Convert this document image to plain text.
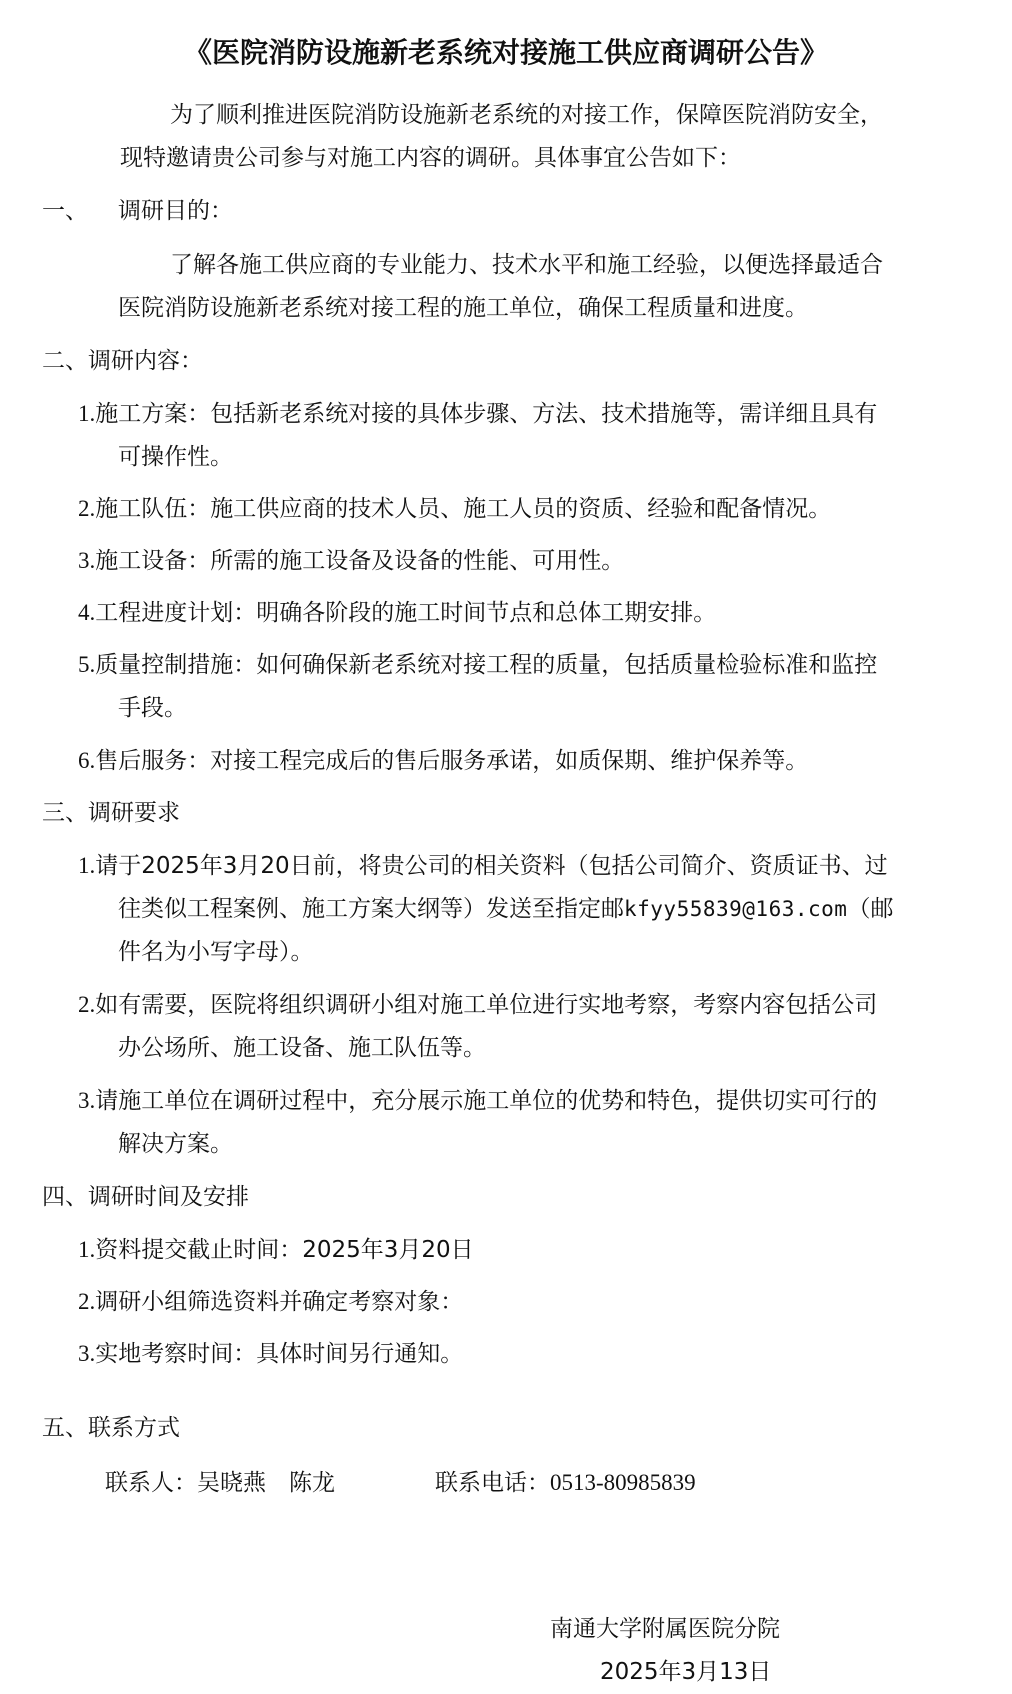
《医院消防设施新老系统对接施工供应商调研公告》
为了顺利推进医院消防设施新老系统的对接工作，保障医院消防安全，
现特邀请贵公司参与对施工内容的调研。具体事宜公告如下：
一、 调研目的：
了解各施工供应商的专业能力、技术水平和施工经验，以便选择最适合
医院消防设施新老系统对接工程的施工单位，确保工程质量和进度。
二、调研内容：
1.施工方案：包括新老系统对接的具体步骤、方法、技术措施等，需详细且具有
可操作性。
2.施工队伍：施工供应商的技术人员、施工人员的资质、经验和配备情况。
3.施工设备：所需的施工设备及设备的性能、可用性。
4.工程进度计划：明确各阶段的施工时间节点和总体工期安排。
5.质量控制措施：如何确保新老系统对接工程的质量，包括质量检验标准和监控
手段。
6.售后服务：对接工程完成后的售后服务承诺，如质保期、维护保养等。
三、调研要求
1.请于2025年3月20日前，将贵公司的相关资料（包括公司简介、资质证书、过
往类似工程案例、施工方案大纲等）发送至指定邮kfyy55839@163.com（邮
件名为小写字母）。
2.如有需要，医院将组织调研小组对施工单位进行实地考察，考察内容包括公司
办公场所、施工设备、施工队伍等。
3.请施工单位在调研过程中，充分展示施工单位的优势和特色，提供切实可行的
解决方案。
四、调研时间及安排
1.资料提交截止时间：2025年3月20日
2.调研小组筛选资料并确定考察对象：
3.实地考察时间：具体时间另行通知。
五、联系方式
联系人：吴晓燕　陈龙	联系电话：0513-80985839
南通大学附属医院分院
2025年3月13日
